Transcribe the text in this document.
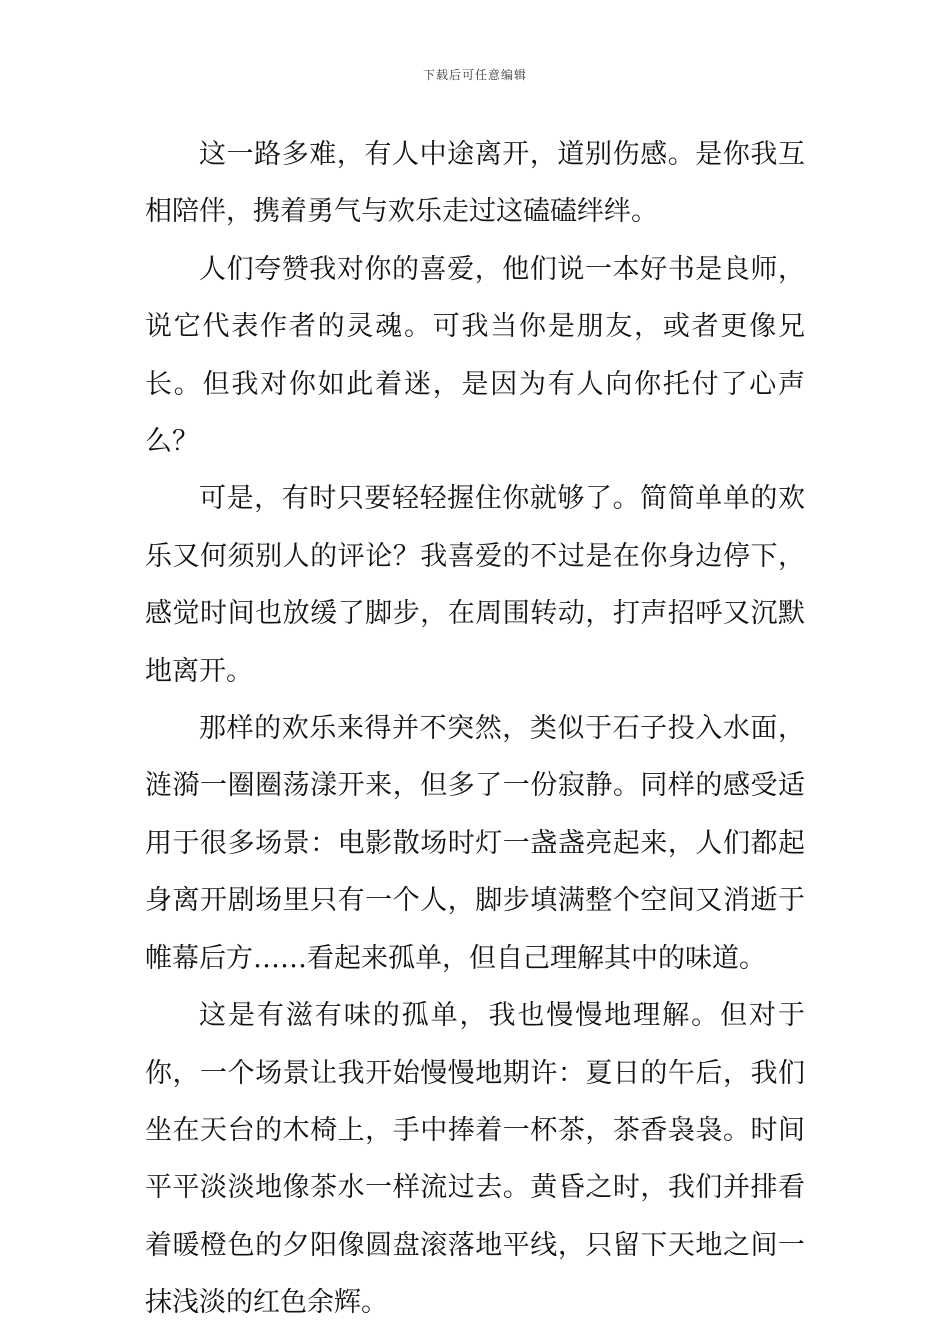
下载后可任意编辑

这一路多难，有人中途离开，道别伤感。是你我互相陪伴，携着勇气与欢乐走过这磕磕绊绊。

人们夸赞我对你的喜爱，他们说一本好书是良师，说它代表作者的灵魂。可我当你是朋友，或者更像兄长。但我对你如此着迷，是因为有人向你托付了心声么？

可是，有时只要轻轻握住你就够了。简简单单的欢乐又何须别人的评论？我喜爱的不过是在你身边停下，感觉时间也放缓了脚步，在周围转动，打声招呼又沉默地离开。

那样的欢乐来得并不突然，类似于石子投入水面，涟漪一圈圈荡漾开来，但多了一份寂静。同样的感受适用于很多场景：电影散场时灯一盏盏亮起来，人们都起身离开剧场里只有一个人，脚步填满整个空间又消逝于帷幕后方……看起来孤单，但自己理解其中的味道。

这是有滋有味的孤单，我也慢慢地理解。但对于你，一个场景让我开始慢慢地期许：夏日的午后，我们坐在天台的木椅上，手中捧着一杯茶，茶香袅袅。时间平平淡淡地像茶水一样流过去。黄昏之时，我们并排看着暖橙色的夕阳像圆盘滚落地平线，只留下天地之间一抹浅淡的红色余辉。
